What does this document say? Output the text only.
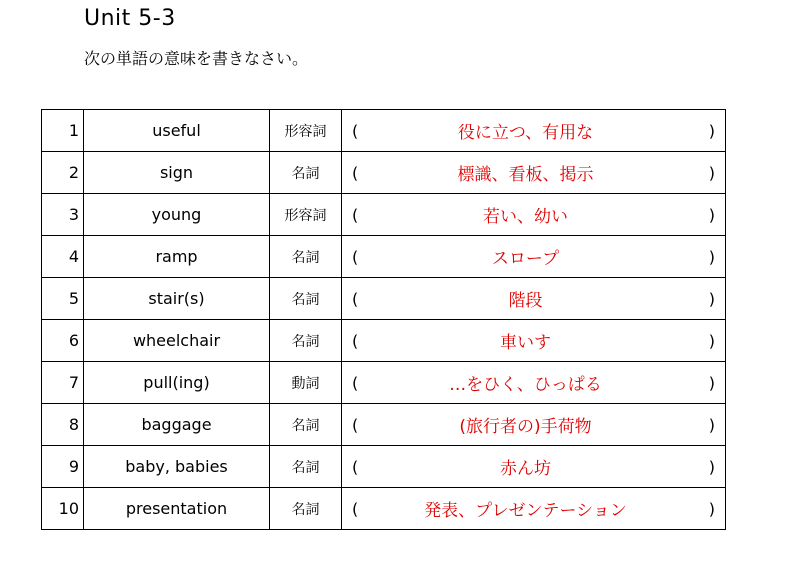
Unit 5-3
次の単語の意味を書きなさい。
1	useful	形容詞	( 役に立つ、有用な )

2	sign	名詞	( 標識、看板、掲示 )

3	young	形容詞	( 若い、幼い )

4	ramp	名詞	( スロープ )

5	stair(s)	名詞	( 階段 )

6	wheelchair	名詞	( 車いす )

7	pull(ing)	動詞	( …をひく、ひっぱる )

8	baggage	名詞	( (旅行者の)手荷物 )

9	baby, babies	名詞	( 赤ん坊 )

10	presentation	名詞	( 発表、プレゼンテーション )
